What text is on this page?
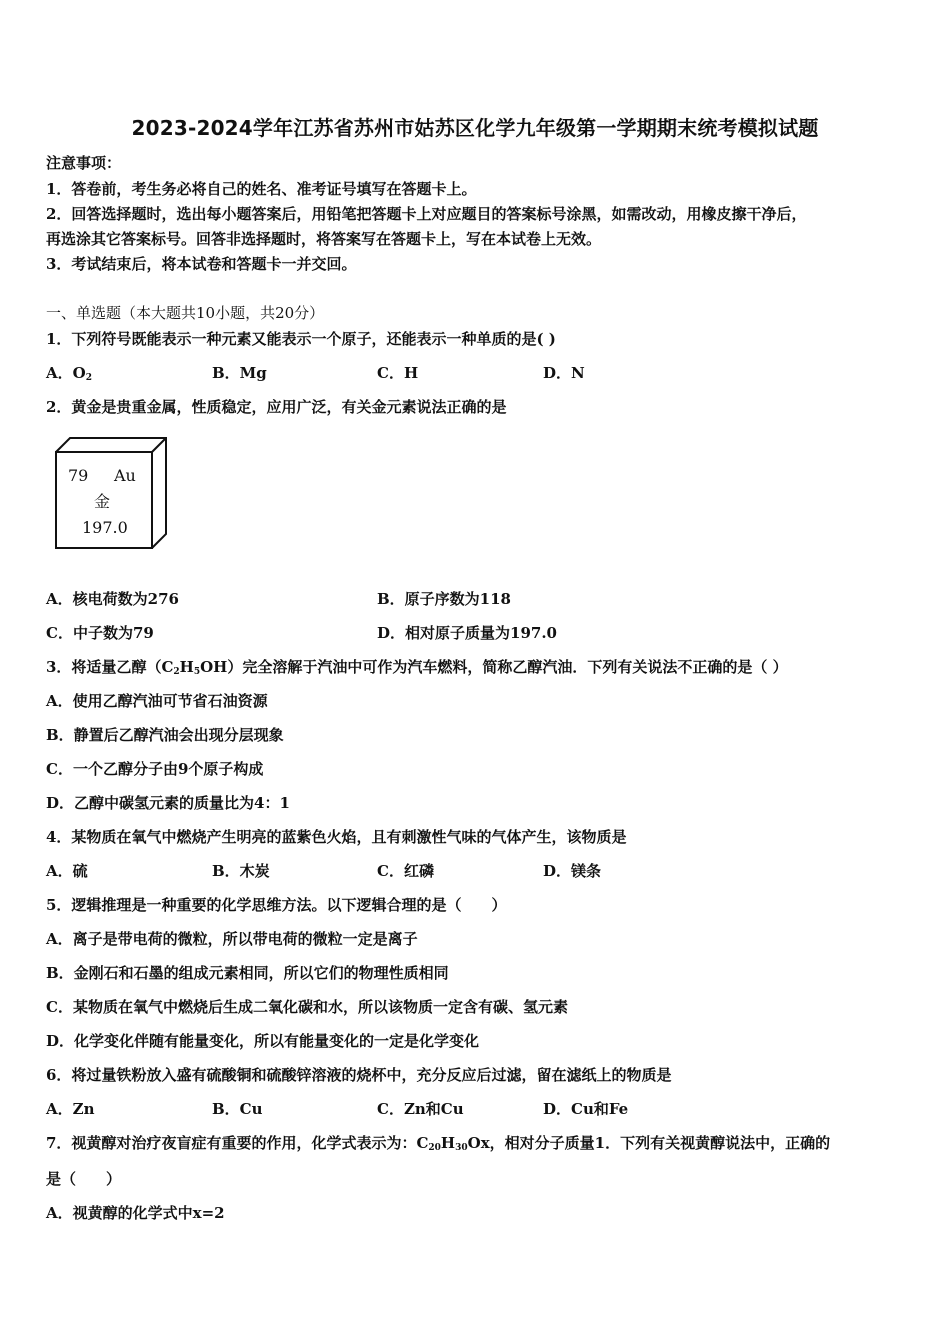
2023-2024学年江苏省苏州市姑苏区化学九年级第一学期期末统考模拟试题
注意事项：
1．答卷前，考生务必将自己的姓名、准考证号填写在答题卡上。
2．回答选择题时，选出每小题答案后，用铅笔把答题卡上对应题目的答案标号涂黑，如需改动，用橡皮擦干净后，
再选涂其它答案标号。回答非选择题时，将答案写在答题卡上，写在本试卷上无效。
3．考试结束后，将本试卷和答题卡一并交回。
一、单选题（本大题共10小题，共20分）
1．下列符号既能表示一种元素又能表示一个原子，还能表示一种单质的是( )
A．$O_2$	B．Mg	C．H	D．N
2．黄金是贵重金属，性质稳定，应用广泛，有关金元素说法正确的是
79 Au
金
197.0
A．核电荷数为276	B．原子序数为118
C．中子数为79	D．相对原子质量为197.0
3．将适量乙醇$(C_2H_5OH)$完全溶解于汽油中可作为汽车燃料，简称乙醇汽油．下列有关说法不正确的是（ ）
A．使用乙醇汽油可节省石油资源
B．静置后乙醇汽油会出现分层现象
C．一个乙醇分子由9个原子构成
D．乙醇中碳氢元素的质量比为4：1
4．某物质在氧气中燃烧产生明亮的蓝紫色火焰，且有刺激性气味的气体产生，该物质是
A．硫	B．木炭	C．红磷	D．镁条
5．逻辑推理是一种重要的化学思维方法。以下逻辑合理的是（　　）
A．离子是带电荷的微粒，所以带电荷的微粒一定是离子
B．金刚石和石墨的组成元素相同，所以它们的物理性质相同
C．某物质在氧气中燃烧后生成二氧化碳和水，所以该物质一定含有碳、氢元素
D．化学变化伴随有能量变化，所以有能量变化的一定是化学变化
6．将过量铁粉放入盛有硫酸铜和硫酸锌溶液的烧杯中，充分反应后过滤，留在滤纸上的物质是
A．Zn	B．Cu	C．Zn和Cu	D．Cu和Fe
7．视黄醇对治疗夜盲症有重要的作用，化学式表示为：$C_{20}H_{30}Ox$，相对分子质量1．下列有关视黄醇说法中，正确的
是（　　）
A．视黄醇的化学式中x=2
